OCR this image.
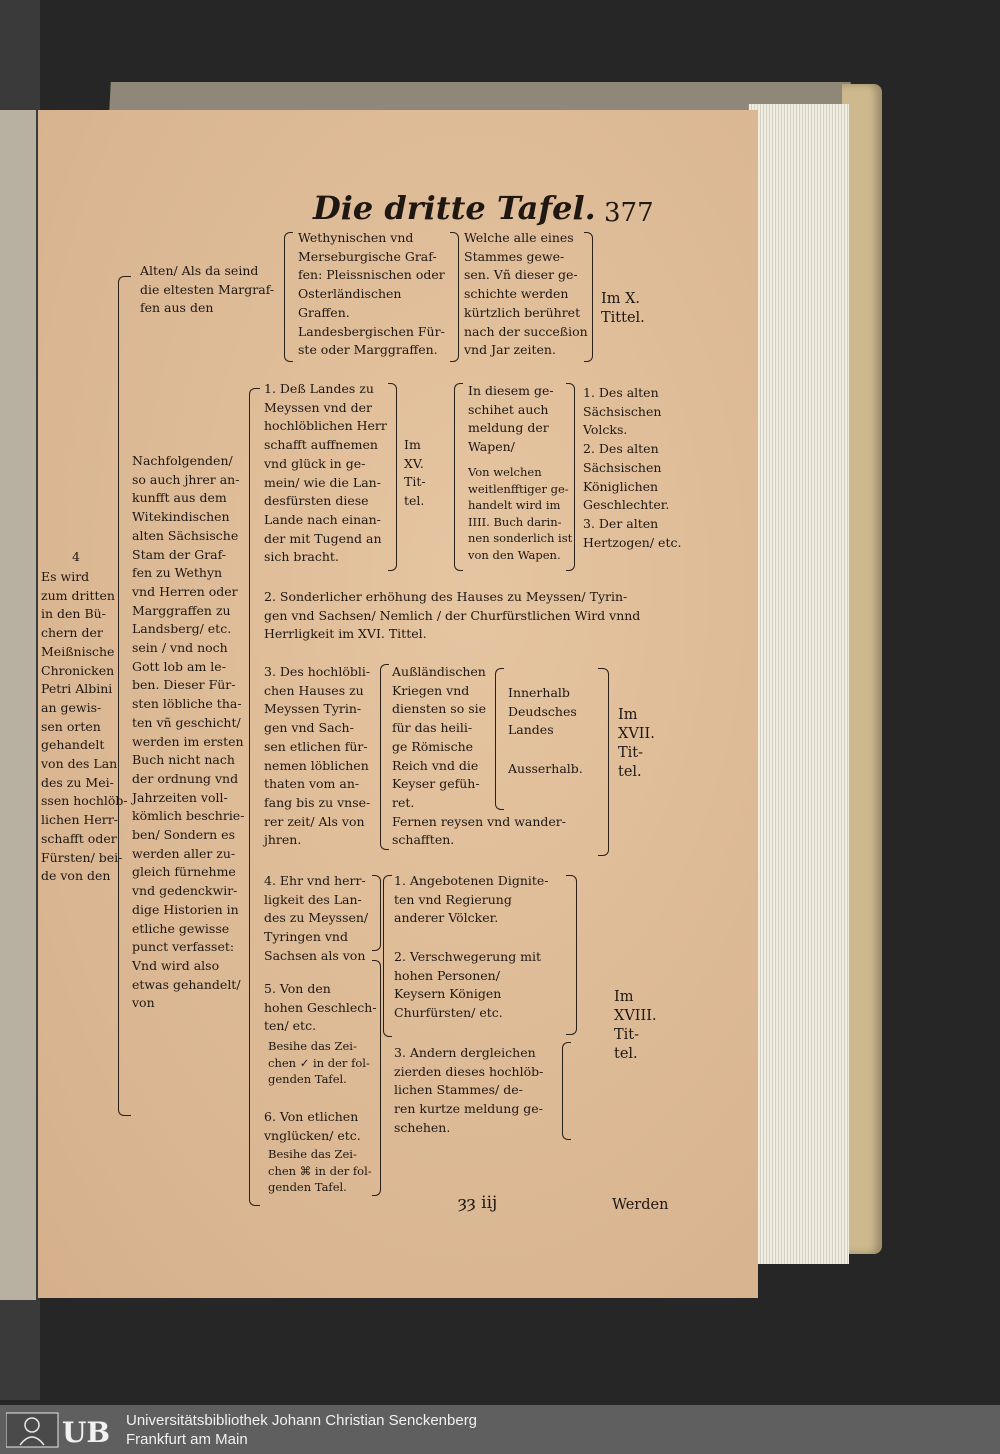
Die dritte Tafel. 377
Alten/ Als da seind
die eltesten Margraf-
fen aus den
Wethynischen vnd
Merseburgische Graf-
fen: Pleissnischen oder
Osterländischen
Graffen.
Landesbergischen Für-
ste oder Marggraffen.
Welche alle eines
Stammes gewe-
sen. Vñ dieser ge-
schichte werden
kürtzlich berühret
nach der succeßion
vnd Jar zeiten.
Im X.
Tittel.
Nachfolgenden/
so auch jhrer an-
kunfft aus dem
Witekindischen
alten Sächsische
Stam der Graf-
fen zu Wethyn
vnd Herren oder
Marggraffen zu
Landsberg/ etc.
sein / vnd noch
Gott lob am le-
ben. Dieser Für-
sten löbliche tha-
ten vñ geschicht/
werden im ersten
Buch nicht nach
der ordnung vnd
Jahrzeiten voll-
kömlich beschrie-
ben/ Sondern es
werden aller zu-
gleich fürnehme
vnd gedenckwir-
dige Historien in
etliche gewisse
punct verfasset:
Vnd wird also
etwas gehandelt/
von
4
Es wird
zum dritten
in den Bü-
chern der
Meißnische
Chronicken
Petri Albini
an gewis-
sen orten
gehandelt
von des Lan
des zu Mei-
ssen hochlöb-
lichen Herr-
schafft oder
Fürsten/ bei-
de von den
1. Deß Landes zu
Meyssen vnd der
hochlöblichen Herr
schafft auffnemen
vnd glück in ge-
mein/ wie die Lan-
desfürsten diese
Lande nach einan-
der mit Tugend an
sich bracht.
Im
XV.
Tit-
tel.
In diesem ge-
schihet auch
meldung der
Wapen/
Von welchen
weitlenfftiger ge-
handelt wird im
IIII. Buch darin-
nen sonderlich ist
von den Wapen.
1. Des alten
Sächsischen
Volcks.
2. Des alten
Sächsischen
Königlichen
Geschlechter.
3. Der alten
Hertzogen/ etc.
2. Sonderlicher erhöhung des Hauses zu Meyssen/ Tyrin-
gen vnd Sachsen/ Nemlich / der Churfürstlichen Wird vnnd
Herrligkeit im XVI. Tittel.
3. Des hochlöbli-
chen Hauses zu
Meyssen Tyrin-
gen vnd Sach-
sen etlichen für-
nemen löblichen
thaten vom an-
fang bis zu vnse-
rer zeit/ Als von
jhren.
Außländischen
Kriegen vnd
diensten so sie
für das heili-
ge Römische
Reich vnd die
Keyser gefüh-
ret.
Fernen reysen vnd wander-
schafften.
Innerhalb
Deudsches
Landes
Ausserhalb.
Im
XVII.
Tit-
tel.
4. Ehr vnd herr-
ligkeit des Lan-
des zu Meyssen/
Tyringen vnd
Sachsen als von
5. Von den
hohen Geschlech-
ten/ etc.
Besihe das Zei-
chen ✓ in der fol-
genden Tafel.
6. Von etlichen
vnglücken/ etc.
Besihe das Zei-
chen ⌘ in der fol-
genden Tafel.
1. Angebotenen Dignite-
ten vnd Regierung
anderer Völcker.
2. Verschwegerung mit
hohen Personen/
Keysern Königen
Churfürsten/ etc.
3. Andern dergleichen
zierden dieses hochlöb-
lichen Stammes/ de-
ren kurtze meldung ge-
schehen.
Im
XVIII.
Tit-
tel.
ȝȝ iij	Werden
UB Universitätsbibliothek Johann Christian Senckenberg
Frankfurt am Main
